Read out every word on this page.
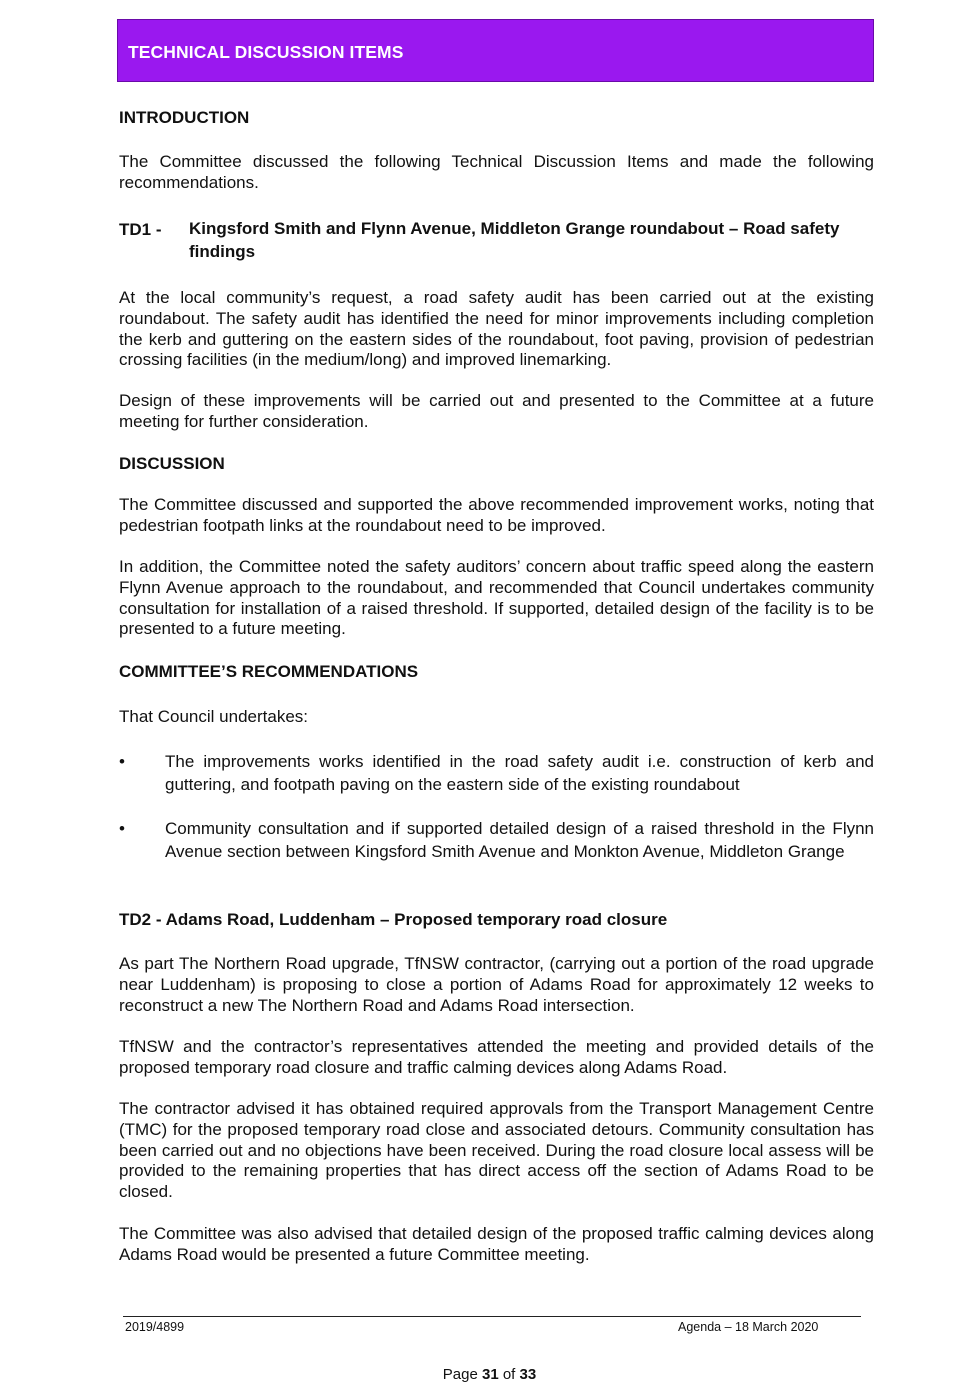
TECHNICAL DISCUSSION ITEMS
INTRODUCTION
The Committee discussed the following Technical Discussion Items and made the following recommendations.
TD1 - Kingsford Smith and Flynn Avenue, Middleton Grange roundabout – Road safety findings
At the local community’s request, a road safety audit has been carried out at the existing roundabout. The safety audit has identified the need for minor improvements including completion the kerb and guttering on the eastern sides of the roundabout, foot paving, provision of pedestrian crossing facilities (in the medium/long) and improved linemarking.
Design of these improvements will be carried out and presented to the Committee at a future meeting for further consideration.
DISCUSSION
The Committee discussed and supported the above recommended improvement works, noting that pedestrian footpath links at the roundabout need to be improved.
In addition, the Committee noted the safety auditors’ concern about traffic speed along the eastern Flynn Avenue approach to the roundabout, and recommended that Council undertakes community consultation for installation of a raised threshold. If supported, detailed design of the facility is to be presented to a future meeting.
COMMITTEE’S RECOMMENDATIONS
That Council undertakes:
• The improvements works identified in the road safety audit i.e. construction of kerb and guttering, and footpath paving on the eastern side of the existing roundabout
• Community consultation and if supported detailed design of a raised threshold in the Flynn Avenue section between Kingsford Smith Avenue and Monkton Avenue, Middleton Grange
TD2 - Adams Road, Luddenham – Proposed temporary road closure
As part The Northern Road upgrade, TfNSW contractor, (carrying out a portion of the road upgrade near Luddenham) is proposing to close a portion of Adams Road for approximately 12 weeks to reconstruct a new The Northern Road and Adams Road intersection.
TfNSW and the contractor’s representatives attended the meeting and provided details of the proposed temporary road closure and traffic calming devices along Adams Road.
The contractor advised it has obtained required approvals from the Transport Management Centre (TMC) for the proposed temporary road close and associated detours. Community consultation has been carried out and no objections have been received. During the road closure local assess will be provided to the remaining properties that has direct access off the section of Adams Road to be closed.
The Committee was also advised that detailed design of the proposed traffic calming devices along Adams Road would be presented a future Committee meeting.
2019/4899	Agenda – 18 March 2020
Page 31 of 33
